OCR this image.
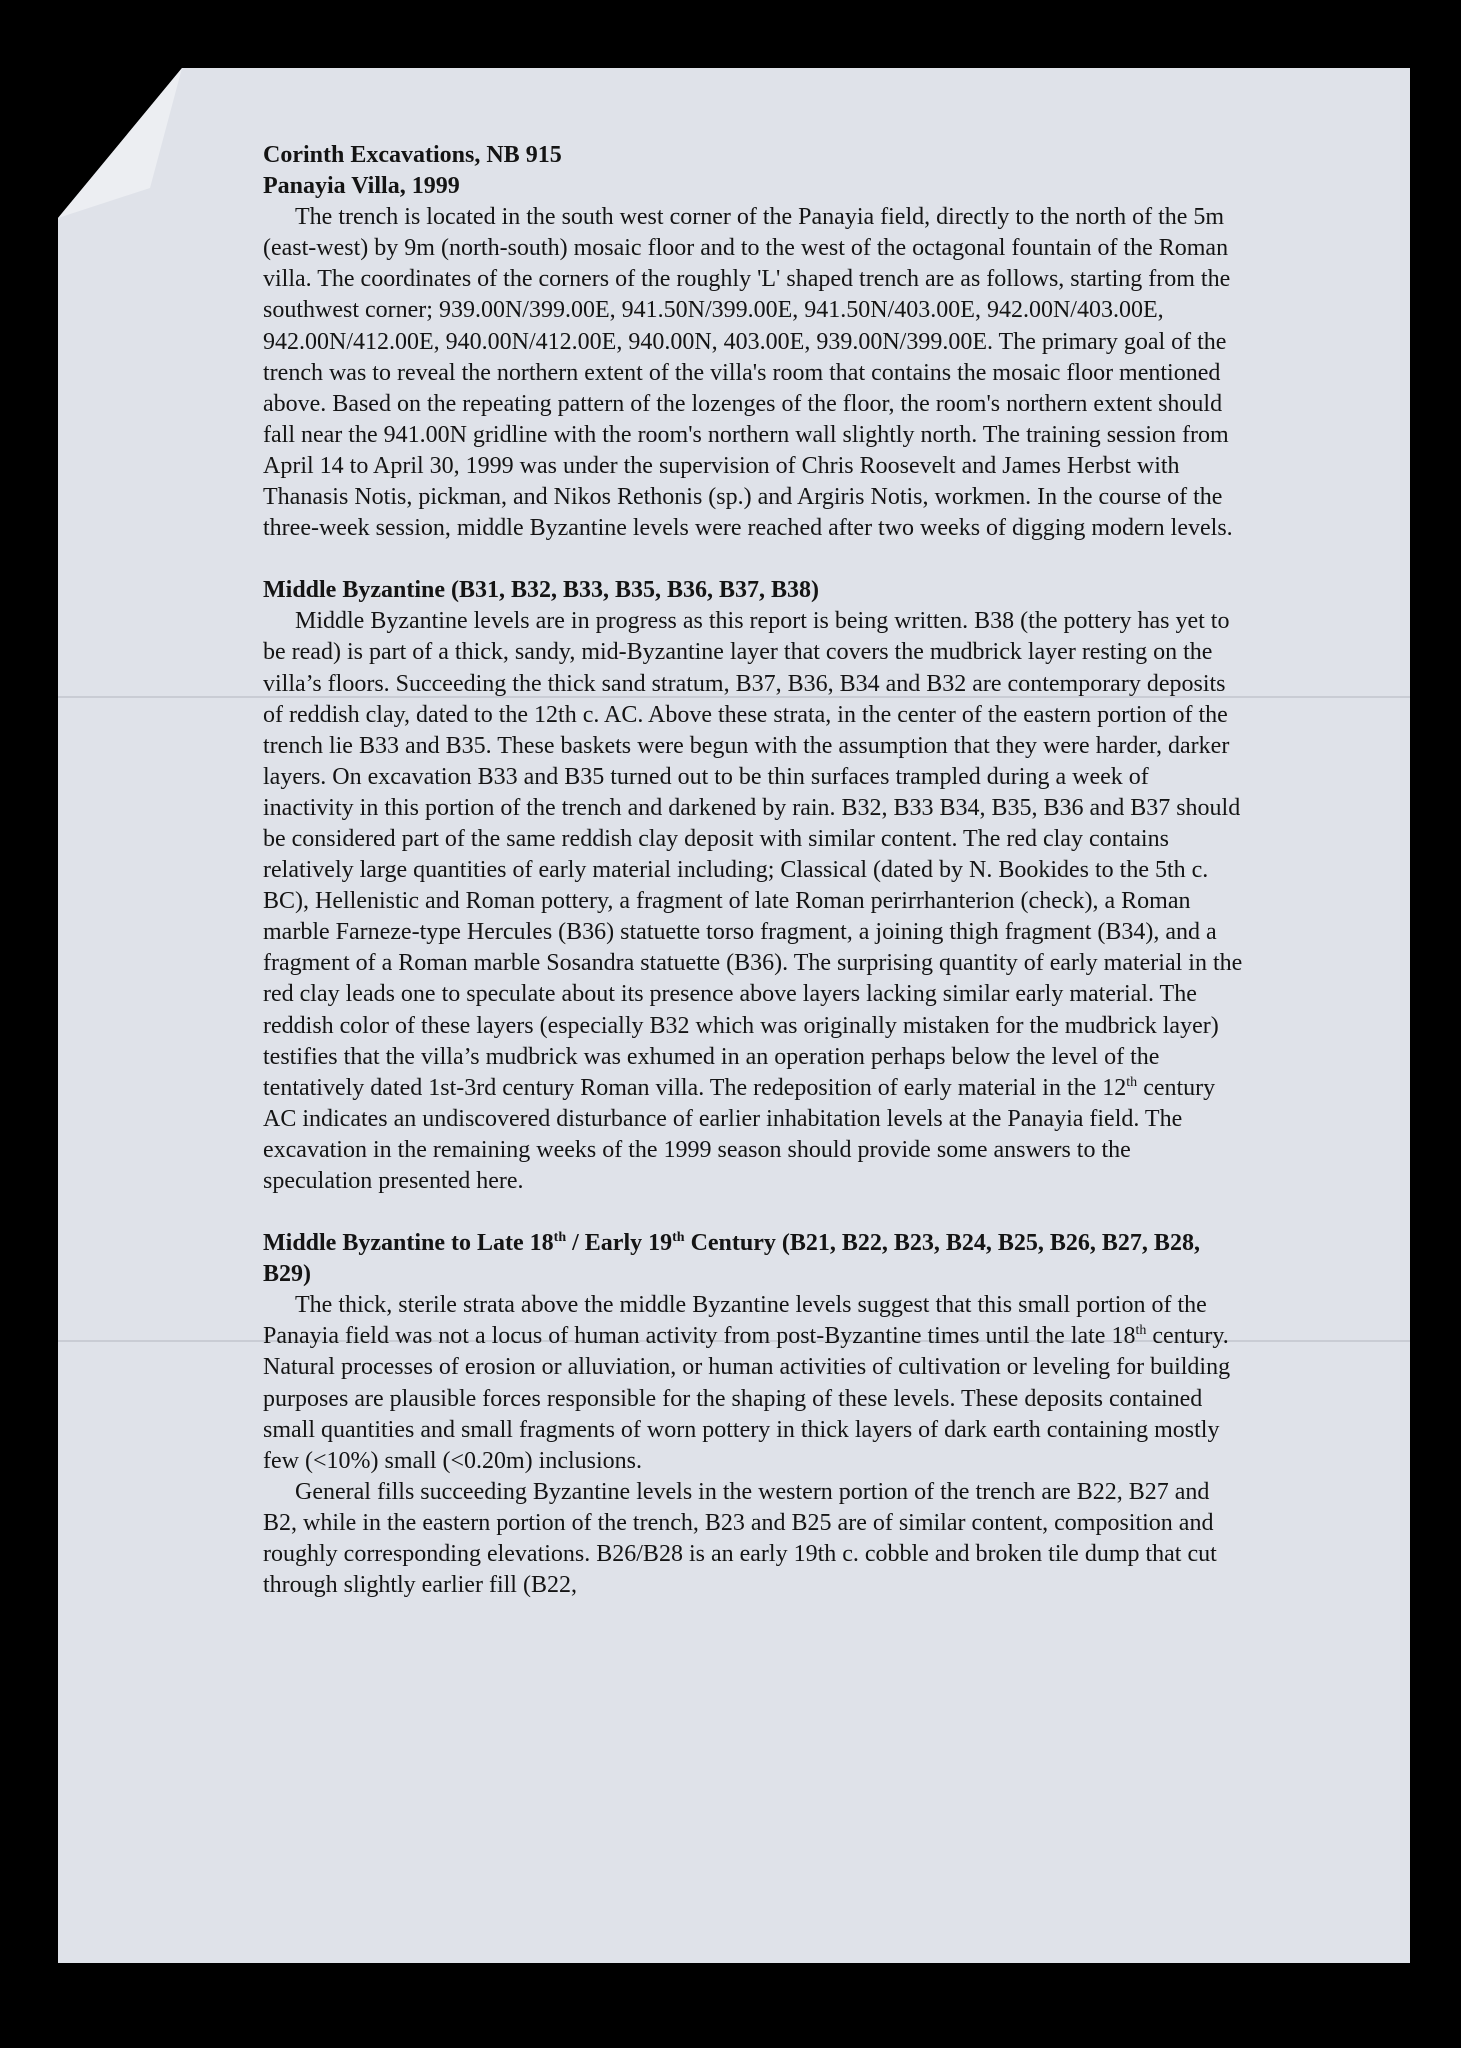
Corinth Excavations, NB 915
Panayia Villa, 1999

The trench is located in the south west corner of the Panayia field, directly to the north of the 5m (east-west) by 9m (north-south) mosaic floor and to the west of the octagonal fountain of the Roman villa. The coordinates of the corners of the roughly 'L' shaped trench are as follows, starting from the southwest corner; 939.00N/399.00E, 941.50N/399.00E, 941.50N/403.00E, 942.00N/403.00E, 942.00N/412.00E, 940.00N/412.00E, 940.00N, 403.00E, 939.00N/399.00E. The primary goal of the trench was to reveal the northern extent of the villa's room that contains the mosaic floor mentioned above. Based on the repeating pattern of the lozenges of the floor, the room's northern extent should fall near the 941.00N gridline with the room's northern wall slightly north. The training session from April 14 to April 30, 1999 was under the supervision of Chris Roosevelt and James Herbst with Thanasis Notis, pickman, and Nikos Rethonis (sp.) and Argiris Notis, workmen. In the course of the three-week session, middle Byzantine levels were reached after two weeks of digging modern levels.

Middle Byzantine (B31, B32, B33, B35, B36, B37, B38)

Middle Byzantine levels are in progress as this report is being written. B38 (the pottery has yet to be read) is part of a thick, sandy, mid-Byzantine layer that covers the mudbrick layer resting on the villa’s floors. Succeeding the thick sand stratum, B37, B36, B34 and B32 are contemporary deposits of reddish clay, dated to the 12th c. AC. Above these strata, in the center of the eastern portion of the trench lie B33 and B35. These baskets were begun with the assumption that they were harder, darker layers. On excavation B33 and B35 turned out to be thin surfaces trampled during a week of inactivity in this portion of the trench and darkened by rain. B32, B33 B34, B35, B36 and B37 should be considered part of the same reddish clay deposit with similar content. The red clay contains relatively large quantities of early material including; Classical (dated by N. Bookides to the 5th c. BC), Hellenistic and Roman pottery, a fragment of late Roman perirrhanterion (check), a Roman marble Farneze-type Hercules (B36) statuette torso fragment, a joining thigh fragment (B34), and a fragment of a Roman marble Sosandra statuette (B36). The surprising quantity of early material in the red clay leads one to speculate about its presence above layers lacking similar early material. The reddish color of these layers (especially B32 which was originally mistaken for the mudbrick layer) testifies that the villa’s mudbrick was exhumed in an operation perhaps below the level of the tentatively dated 1st-3rd century Roman villa. The redeposition of early material in the 12th century AC indicates an undiscovered disturbance of earlier inhabitation levels at the Panayia field. The excavation in the remaining weeks of the 1999 season should provide some answers to the speculation presented here.

Middle Byzantine to Late 18th / Early 19th Century (B21, B22, B23, B24, B25, B26, B27, B28, B29)

The thick, sterile strata above the middle Byzantine levels suggest that this small portion of the Panayia field was not a locus of human activity from post-Byzantine times until the late 18th century. Natural processes of erosion or alluviation, or human activities of cultivation or leveling for building purposes are plausible forces responsible for the shaping of these levels. These deposits contained small quantities and small fragments of worn pottery in thick layers of dark earth containing mostly few (<10%) small (<0.20m) inclusions.

General fills succeeding Byzantine levels in the western portion of the trench are B22, B27 and B2, while in the eastern portion of the trench, B23 and B25 are of similar content, composition and roughly corresponding elevations. B26/B28 is an early 19th c. cobble and broken tile dump that cut through slightly earlier fill (B22,
